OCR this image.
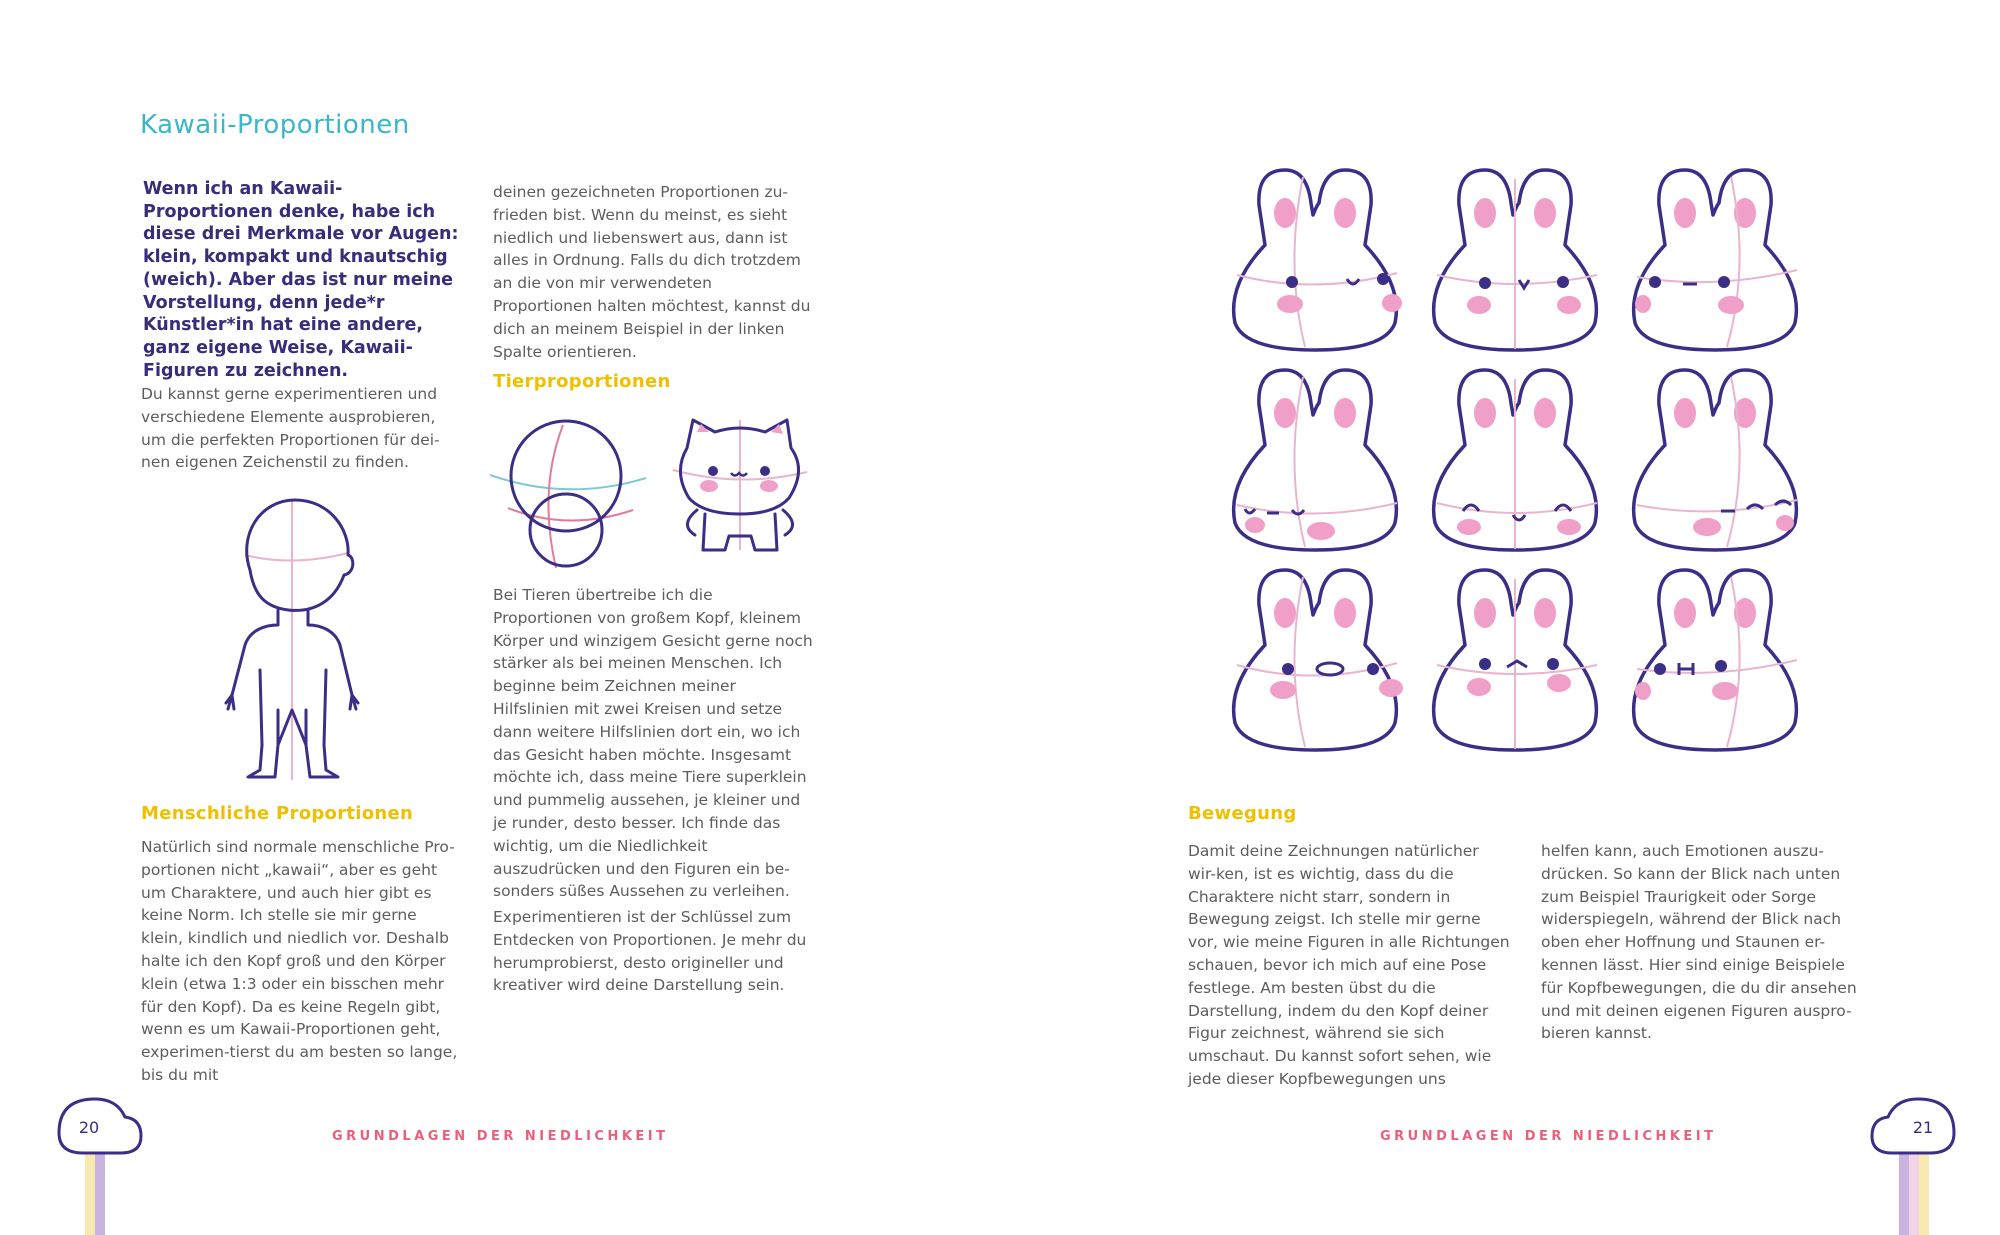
Kawaii-Proportionen

Wenn ich an Kawaii-Proportionen denke, habe ich diese drei Merkmale vor Augen: klein, kompakt und knautschig (weich). Aber das ist nur meine Vorstellung, denn jede*r Künstler*in hat eine andere, ganz eigene Weise, Kawaii-Figuren zu zeichnen.

Du kannst gerne experimentieren und verschiedene Elemente ausprobieren, um die perfekten Proportionen für dei-nen eigenen Zeichenstil zu finden.

Menschliche Proportionen

Natürlich sind normale menschliche Pro-portionen nicht „kawaii“, aber es geht um Charaktere, und auch hier gibt es keine Norm. Ich stelle sie mir gerne klein, kindlich und niedlich vor. Deshalb halte ich den Kopf groß und den Körper klein (etwa 1:3 oder ein bisschen mehr für den Kopf). Da es keine Regeln gibt, wenn es um Kawaii-Proportionen geht, experimen-tierst du am besten so lange, bis du mit

deinen gezeichneten Proportionen zu-frieden bist. Wenn du meinst, es sieht niedlich und liebenswert aus, dann ist alles in Ordnung. Falls du dich trotzdem an die von mir verwendeten Proportionen halten möchtest, kannst du dich an meinem Beispiel in der linken Spalte orientieren.

Tierproportionen

Bei Tieren übertreibe ich die Proportionen von großem Kopf, kleinem Körper und winzigem Gesicht gerne noch stärker als bei meinen Menschen. Ich beginne beim Zeichnen meiner Hilfslinien mit zwei Kreisen und setze dann weitere Hilfslinien dort ein, wo ich das Gesicht haben möchte. Insgesamt möchte ich, dass meine Tiere superklein und pummelig aussehen, je kleiner und je runder, desto besser. Ich finde das wichtig, um die Niedlichkeit auszudrücken und den Figuren ein be-sonders süßes Aussehen zu verleihen.

Experimentieren ist der Schlüssel zum Entdecken von Proportionen. Je mehr du herumprobierst, desto origineller und kreativer wird deine Darstellung sein.

20	GRUNDLAGEN DER NIEDLICHKEIT
Bewegung

Damit deine Zeichnungen natürlicher wir-ken, ist es wichtig, dass du die Charaktere nicht starr, sondern in Bewegung zeigst. Ich stelle mir gerne vor, wie meine Figuren in alle Richtungen schauen, bevor ich mich auf eine Pose festlege. Am besten übst du die Darstellung, indem du den Kopf deiner Figur zeichnest, während sie sich umschaut. Du kannst sofort sehen, wie jede dieser Kopfbewegungen uns

helfen kann, auch Emotionen auszu-drücken. So kann der Blick nach unten zum Beispiel Traurigkeit oder Sorge widerspiegeln, während der Blick nach oben eher Hoffnung und Staunen er-kennen lässt. Hier sind einige Beispiele für Kopfbewegungen, die du dir ansehen und mit deinen eigenen Figuren auspro-bieren kannst.

GRUNDLAGEN DER NIEDLICHKEIT	21
